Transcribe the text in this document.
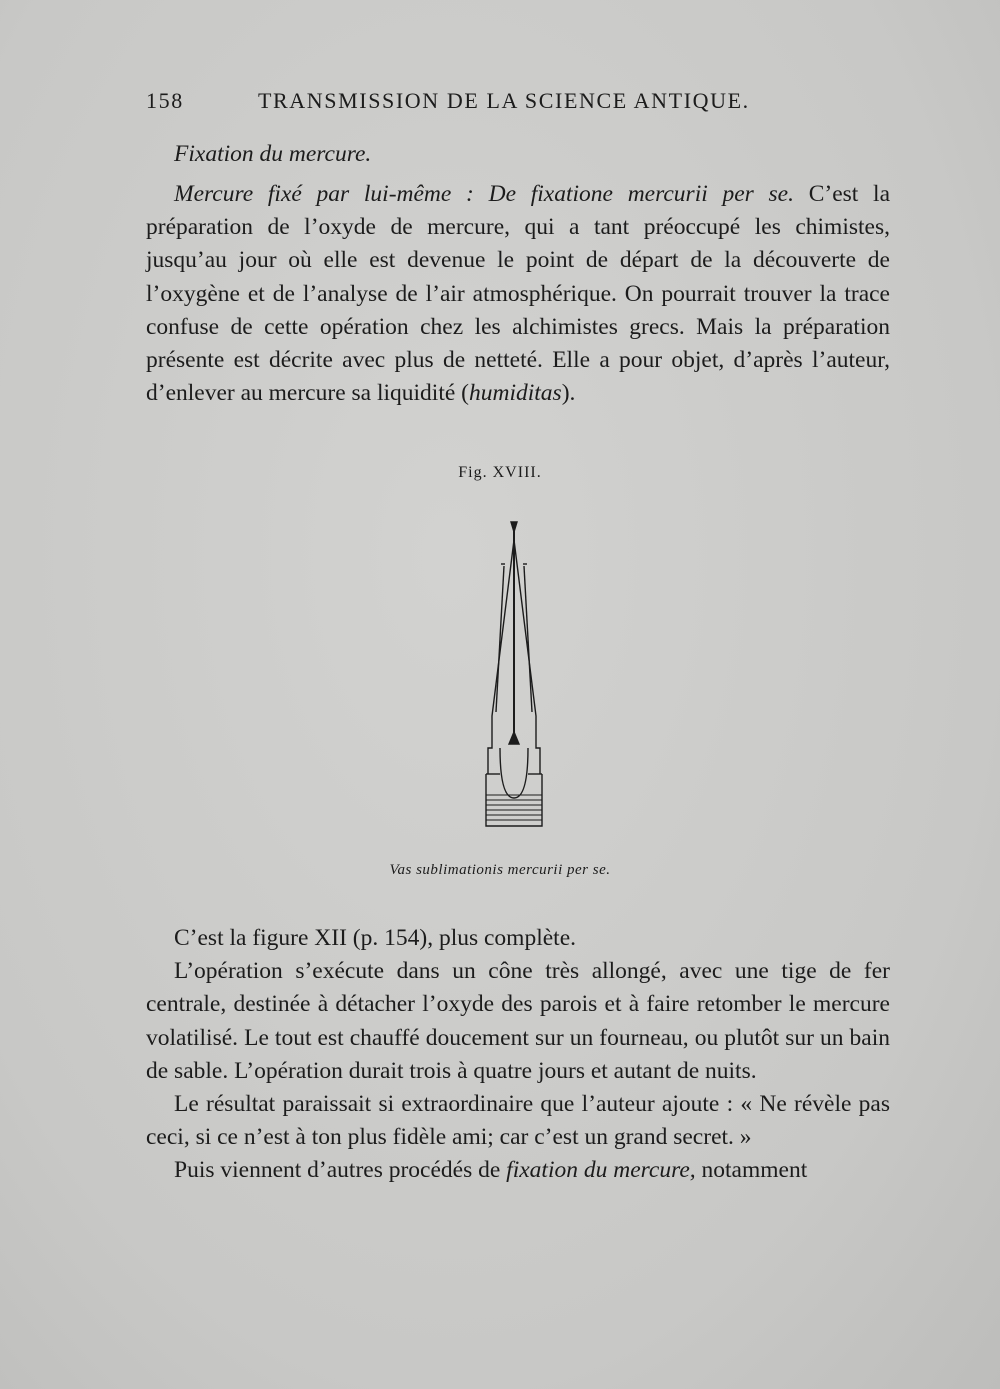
158	TRANSMISSION DE LA SCIENCE ANTIQUE.

Fixation du mercure.

Mercure fixé par lui-même : De fixatione mercurii per se. C’est la préparation de l’oxyde de mercure, qui a tant préoccupé les chimistes, jusqu’au jour où elle est devenue le point de départ de la découverte de l’oxygène et de l’analyse de l’air atmosphérique. On pourrait trouver la trace confuse de cette opération chez les alchimistes grecs. Mais la préparation présente est décrite avec plus de netteté. Elle a pour objet, d’après l’auteur, d’enlever au mercure sa liquidité (humiditas).

Fig. XVIII.
Vas sublimationis mercurii per se.

C’est la figure XII (p. 154), plus complète.

L’opération s’exécute dans un cône très allongé, avec une tige de fer centrale, destinée à détacher l’oxyde des parois et à faire retomber le mercure volatilisé. Le tout est chauffé doucement sur un fourneau, ou plutôt sur un bain de sable. L’opération durait trois à quatre jours et autant de nuits.

Le résultat paraissait si extraordinaire que l’auteur ajoute : « Ne révèle pas ceci, si ce n’est à ton plus fidèle ami; car c’est un grand secret. »

Puis viennent d’autres procédés de fixation du mercure, notamment
